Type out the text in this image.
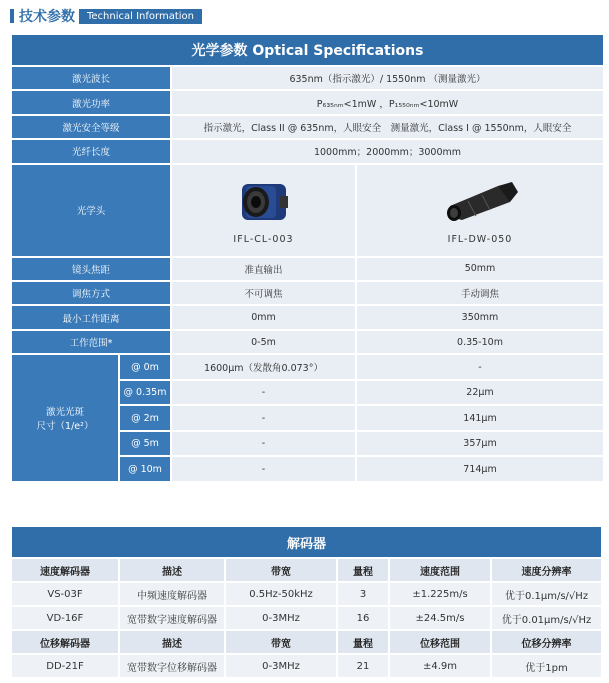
技术参数	Technical Information
光学参数 Optical Specifications			
激光波长		635nm（指示激光）/ 1550nm （测量激光）	
激光功率		P₆₃₅ₙₘ<1mW ，P₁₅₅₀ₙₘ<10mW	
激光安全等级		指示激光，Class II @ 635nm，人眼安全　测量激光，Class I @ 1550nm，人眼安全	
光纤长度		1000mm；2000mm；3000mm	
光学头		IFL-CL-003	IFL-DW-050

镜头焦距		准直输出	50mm
调焦方式		不可调焦	手动调焦
最小工作距离		0mm	350mm
工作范围*		0-5m	0.35-10m

激光光斑
尺寸（1/e²）	@ 0m	1600μm（发散角0.073°）	-
	@ 0.35m	-	22μm
	@ 2m	-	141μm
	@ 5m	-	357μm
	@ 10m	-	714μm
解码器					
速度解码器	描述	带宽	量程	速度范围	速度分辨率
VS-03F	中频速度解码器	0.5Hz-50kHz	3	±1.225m/s	优于0.1μm/s/√Hz
VD-16F	宽带数字速度解码器	0-3MHz	16	±24.5m/s	优于0.01μm/s/√Hz
位移解码器	描述	带宽	量程	位移范围	位移分辨率
DD-21F	宽带数字位移解码器	0-3MHz	21	±4.9m	优于1pm
